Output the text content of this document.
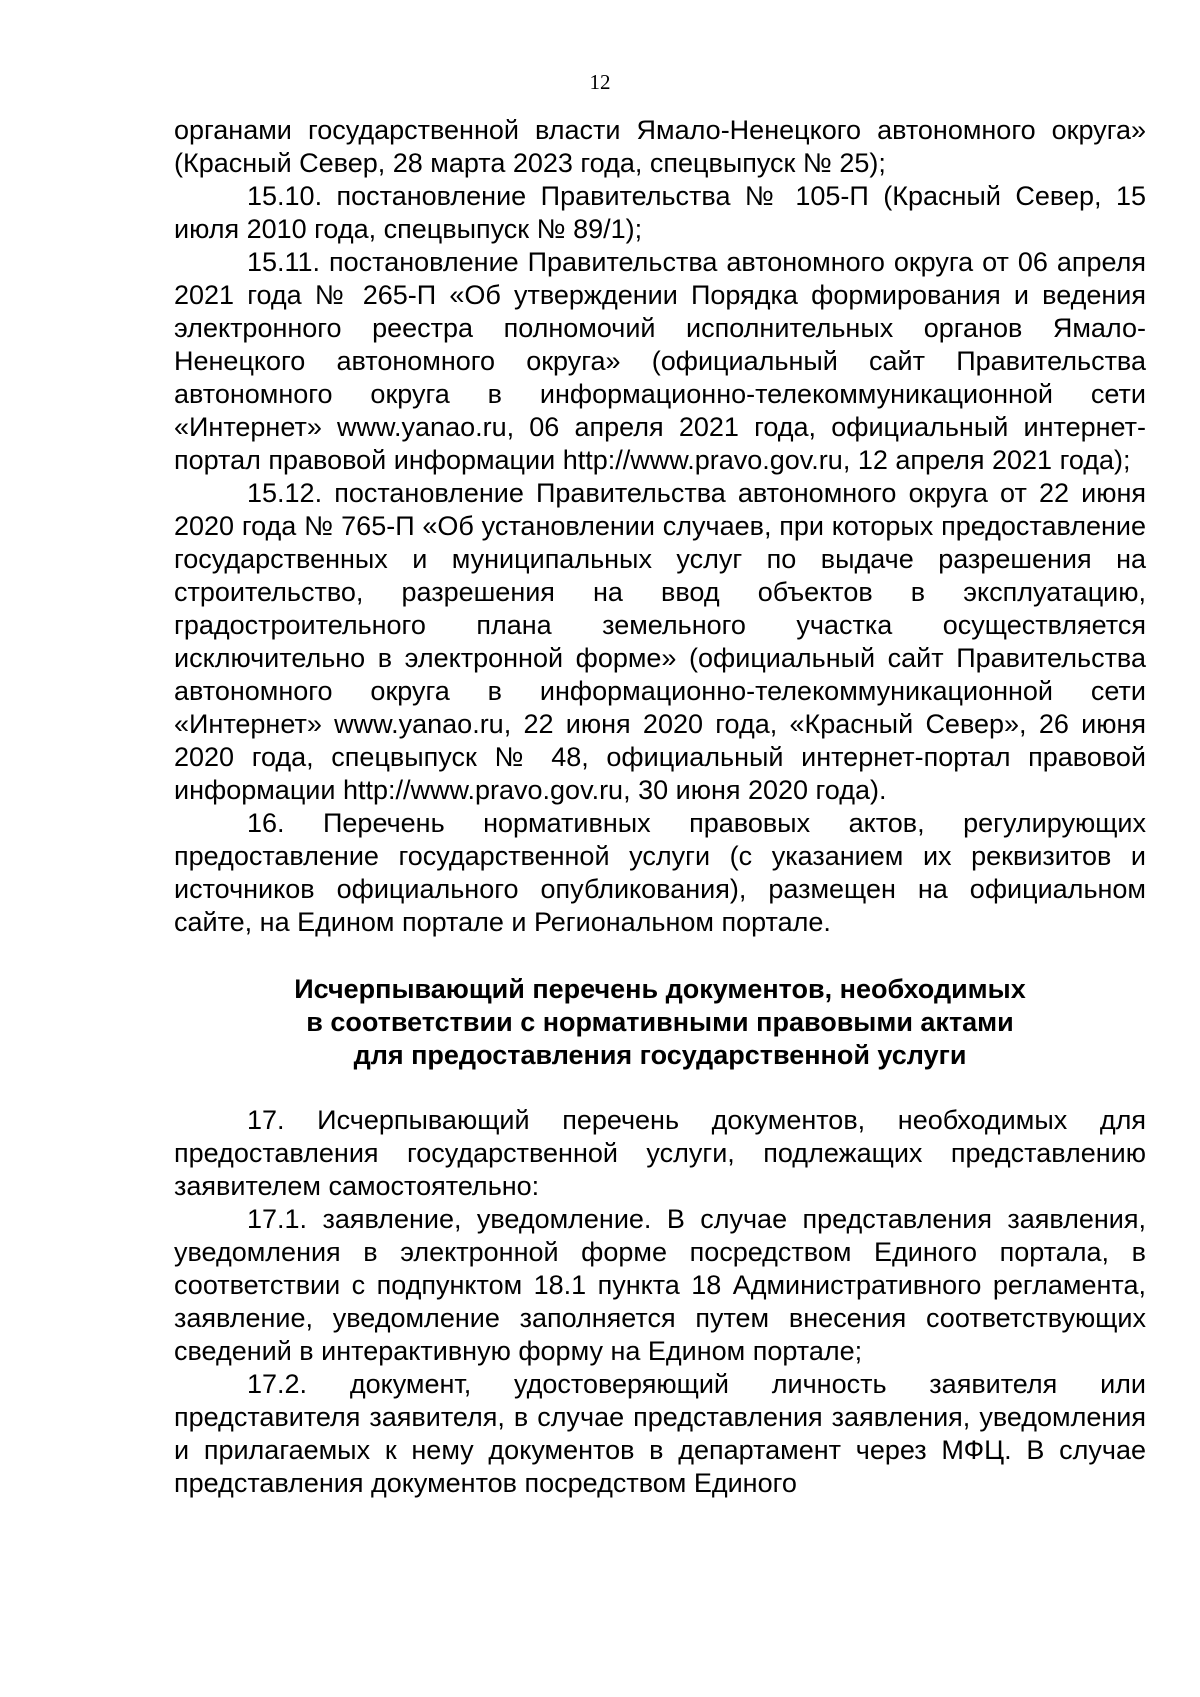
12

органами государственной власти Ямало-Ненецкого автономного округа» (Красный Север, 28 марта 2023 года, спецвыпуск № 25);

15.10. постановление Правительства № 105-П (Красный Север, 15 июля 2010 года, спецвыпуск № 89/1);

15.11. постановление Правительства автономного округа от 06 апреля 2021 года № 265-П «Об утверждении Порядка формирования и ведения электронного реестра полномочий исполнительных органов Ямало-Ненецкого автономного округа» (официальный сайт Правительства автономного округа в информационно-телекоммуникационной сети «Интернет» www.yanao.ru, 06 апреля 2021 года, официальный интернет-портал правовой информации http://www.pravo.gov.ru, 12 апреля 2021 года);

15.12. постановление Правительства автономного округа от 22 июня 2020 года № 765-П «Об установлении случаев, при которых предоставление государственных и муниципальных услуг по выдаче разрешения на строительство, разрешения на ввод объектов в эксплуатацию, градостроительного плана земельного участка осуществляется исключительно в электронной форме» (официальный сайт Правительства автономного округа в информационно-телекоммуникационной сети «Интернет» www.yanao.ru, 22 июня 2020 года, «Красный Север», 26 июня 2020 года, спецвыпуск № 48, официальный интернет-портал правовой информации http://www.pravo.gov.ru, 30 июня 2020 года).

16. Перечень нормативных правовых актов, регулирующих предоставление государственной услуги (с указанием их реквизитов и источников официального опубликования), размещен на официальном сайте, на Едином портале и Региональном портале.

Исчерпывающий перечень документов, необходимых
в соответствии с нормативными правовыми актами
для предоставления государственной услуги

17. Исчерпывающий перечень документов, необходимых для предоставления государственной услуги, подлежащих представлению заявителем самостоятельно:

17.1. заявление, уведомление. В случае представления заявления, уведомления в электронной форме посредством Единого портала, в соответствии с подпунктом 18.1 пункта 18 Административного регламента, заявление, уведомление заполняется путем внесения соответствующих сведений в интерактивную форму на Едином портале;

17.2. документ, удостоверяющий личность заявителя или представителя заявителя, в случае представления заявления, уведомления и прилагаемых к нему документов в департамент через МФЦ. В случае представления документов посредством Единого
